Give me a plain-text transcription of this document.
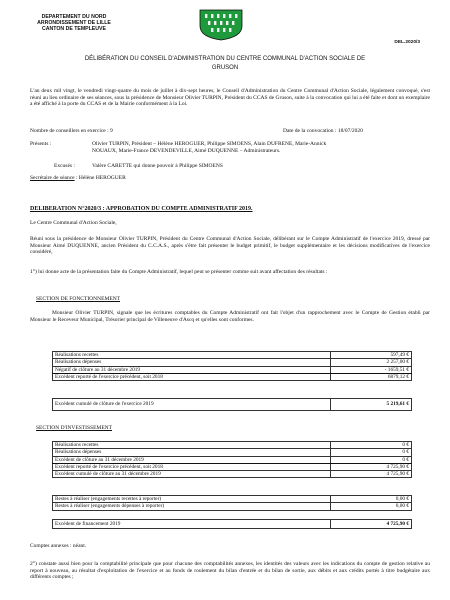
DEPARTEMENT DU NORD
ARRONDISSEMENT DE LILLE
CANTON DE TEMPLEUVE
DEL.2020/3
DÉLIBÉRATION DU CONSEIL D'ADMINISTRATION DU CENTRE COMMUNAL D'ACTION SOCIALE DE
GRUSON
L'an deux mil vingt, le vendredi vingt-quatre du mois de juillet à dix-sept heures, le Conseil d'Administration du Centre Communal d'Action Sociale, légalement convoqué, s'est réuni au lieu ordinaire de ses séances, sous la présidence de Monsieur Olivier TURPIN, Président du CCAS de Gruson, suite à la convocation qui lui a été faite et dont un exemplaire a été affiché à la porte du CCAS et de la Mairie conformément à la Loi.
Nombre de conseillers en exercice : 9	Date de la convocation : 18/07/2020
Présents :	Olivier TURPIN, Président – Hélène HEROGUER, Philippe SIMOENS, Alain DUFRENE, Marie-Annick
NOUAUX, Marie-France DEVENDEVILLE, Aimé DUQUENNE – Administrateurs.
Excusés :	Valère CARETTE qui donne pouvoir à Philippe SIMOENS
Secrétaire de séance : Hélène HEROGUER
DELIBERATION N°2020/3 : APPROBATION DU COMPTE ADMINISTRATIF 2019.
Le Centre Communal d'Action Sociale,
Réuni sous la présidence de Monsieur Olivier TURPIN, Président du Centre Communal d'Action Sociale, délibérant sur le Compte Administratif de l'exercice 2019, dressé par Monsieur Aimé DUQUENNE, ancien Président du C.C.A.S., après s'être fait présenter le budget primitif, le budget supplémentaire et les décisions modificatives de l'exercice considéré,
1°) lui donne acte de la présentation faite du Compte Administratif, lequel peut se présenter comme suit avant affectation des résultats :
SECTION DE FONCTIONNEMENT
Monsieur Olivier TURPIN, signale que les écritures comptables du Compte Administratif ont fait l'objet d'un rapprochement avec le Compte de Gestion établi par Monsieur le Receveur Municipal, Trésorier principal de Villeneuve d'Ascq et qu'elles sont conformes.
Réalisations recettes	597,49 €
Réalisations dépenses	2 257,00 €
Négatif de clôture au 31 décembre 2019	- 1659,51 €
Excédent reporté de l'exercice précédent, soit 2018	6879,12 €
Excédent cumulé de clôture de l'exercice 2019	5 219,61 €
SECTION D'INVESTISSEMENT
Réalisations recettes	0 €
Réalisations dépenses	0 €
Excédent de clôture au 31 décembre 2019	0 €
Excédent reporté de l'exercice précédent, soit 2018	4 725,90 €
Excédent cumulé de clôture au 31 décembre 2019	4 725,90 €
Restes à réaliser (engagements recettes à reporter)	0,00 €
Restes à réaliser (engagements dépenses à reporter)	0,00 €
Excédent de financement 2019	4 725,90 €
Comptes annexes : néant.
2°) constate aussi bien pour la comptabilité principale que pour chacune des comptabilités annexes, les identités des valeurs avec les indications du compte de gestion relative au report à nouveau, au résultat d'exploitation de l'exercice et au fonds de roulement du bilan d'entrée et du bilan de sortie, aux débits et aux crédits portés à titre budgétaire aux différents comptes ;
